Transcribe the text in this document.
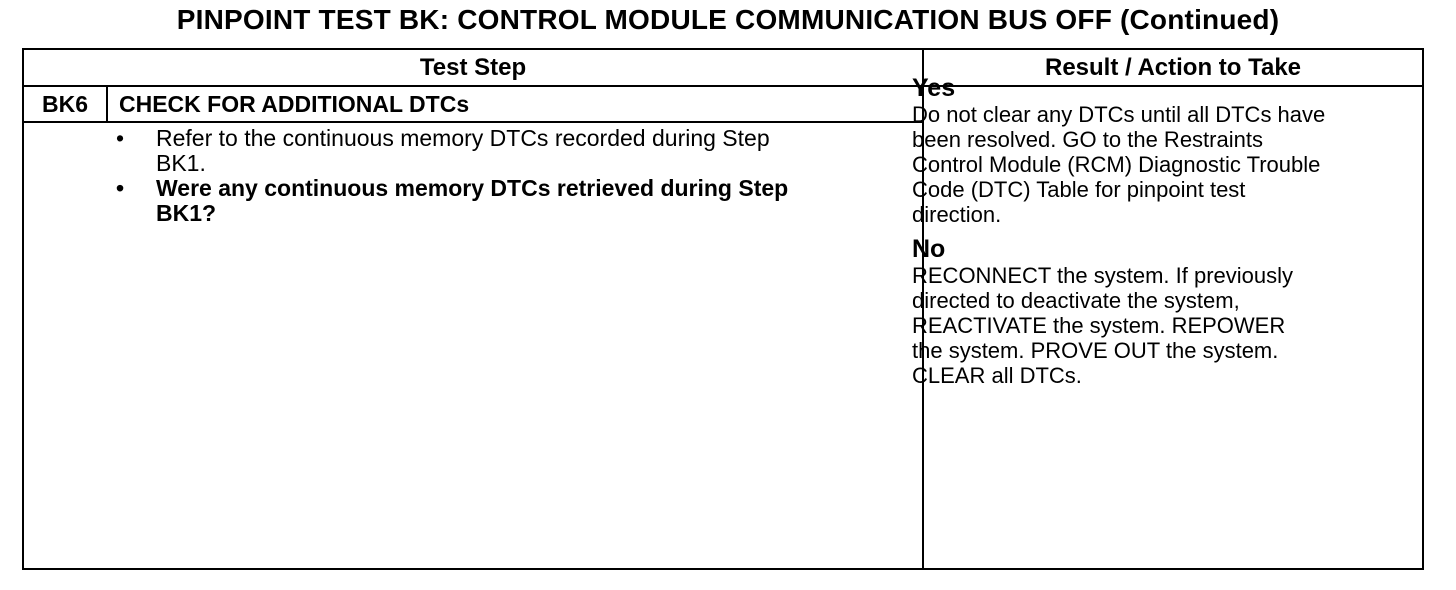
PINPOINT TEST BK: CONTROL MODULE COMMUNICATION BUS OFF (Continued)
Test Step	Result / Action to Take
BK6	CHECK FOR ADDITIONAL DTCs
• Refer to the continuous memory DTCs recorded during Step
BK1.
• Were any continuous memory DTCs retrieved during Step
BK1?
Yes
Do not clear any DTCs until all DTCs have
been resolved. GO to the Restraints
Control Module (RCM) Diagnostic Trouble
Code (DTC) Table for pinpoint test
direction.
No
RECONNECT the system. If previously
directed to deactivate the system,
REACTIVATE the system. REPOWER
the system. PROVE OUT the system.
CLEAR all DTCs.
